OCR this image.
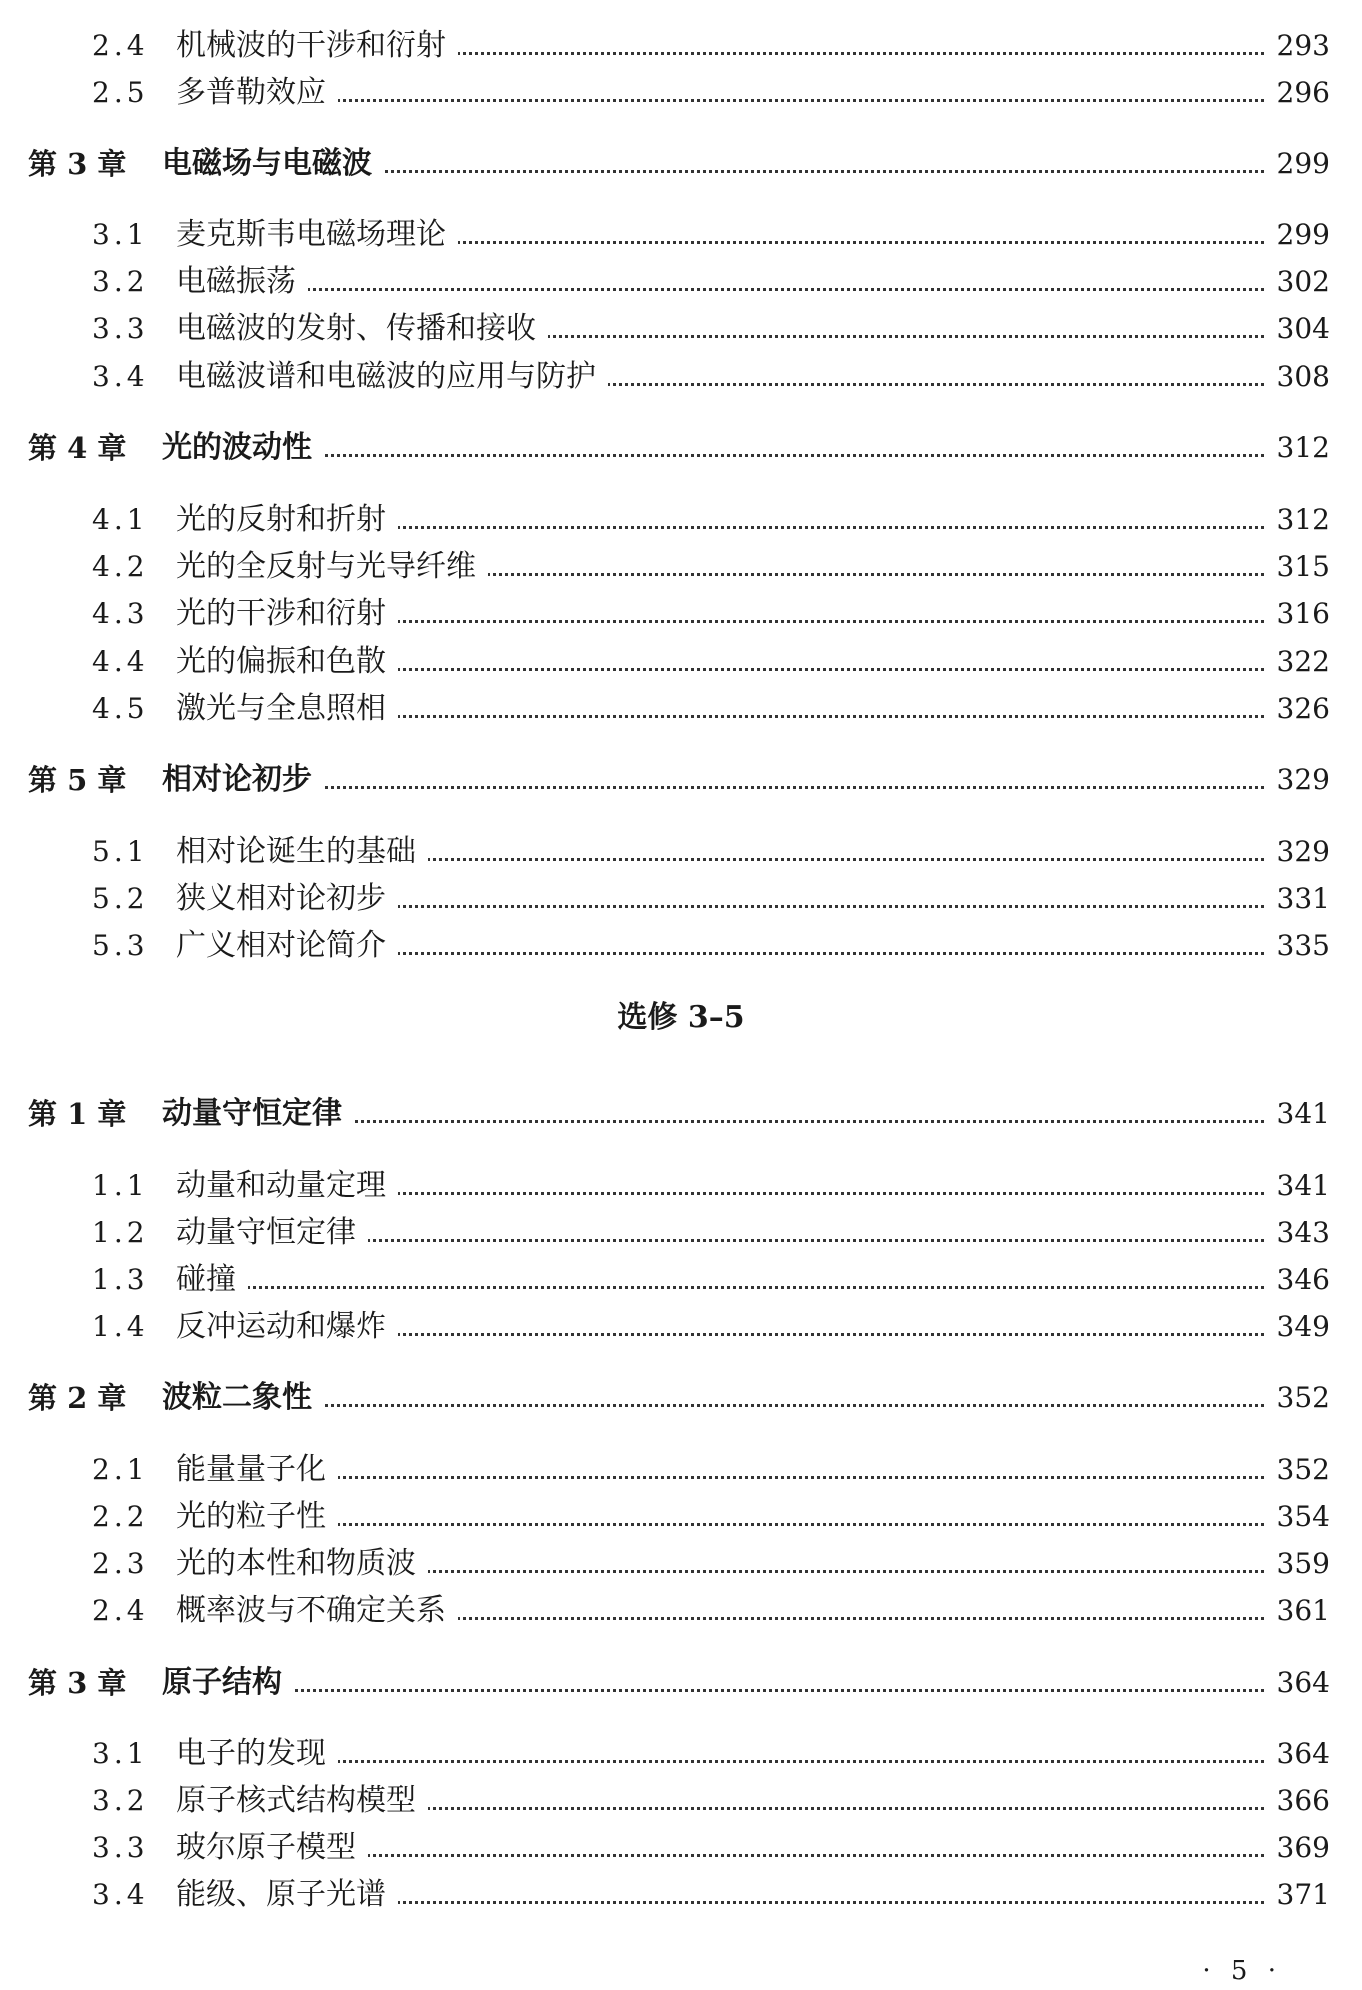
2.4 机械波的干涉和衍射	293
2.5 多普勒效应	296
第 3 章 电磁场与电磁波	299
3.1 麦克斯韦电磁场理论	299
3.2 电磁振荡	302
3.3 电磁波的发射、传播和接收	304
3.4 电磁波谱和电磁波的应用与防护	308
第 4 章 光的波动性	312
4.1 光的反射和折射	312
4.2 光的全反射与光导纤维	315
4.3 光的干涉和衍射	316
4.4 光的偏振和色散	322
4.5 激光与全息照相	326
第 5 章 相对论初步	329
5.1 相对论诞生的基础	329
5.2 狭义相对论初步	331
5.3 广义相对论简介	335
选修 3–5
第 1 章 动量守恒定律	341
1.1 动量和动量定理	341
1.2 动量守恒定律	343
1.3 碰撞	346
1.4 反冲运动和爆炸	349
第 2 章 波粒二象性	352
2.1 能量量子化	352
2.2 光的粒子性	354
2.3 光的本性和物质波	359
2.4 概率波与不确定关系	361
第 3 章 原子结构	364
3.1 电子的发现	364
3.2 原子核式结构模型	366
3.3 玻尔原子模型	369
3.4 能级、原子光谱	371
· 5 ·
